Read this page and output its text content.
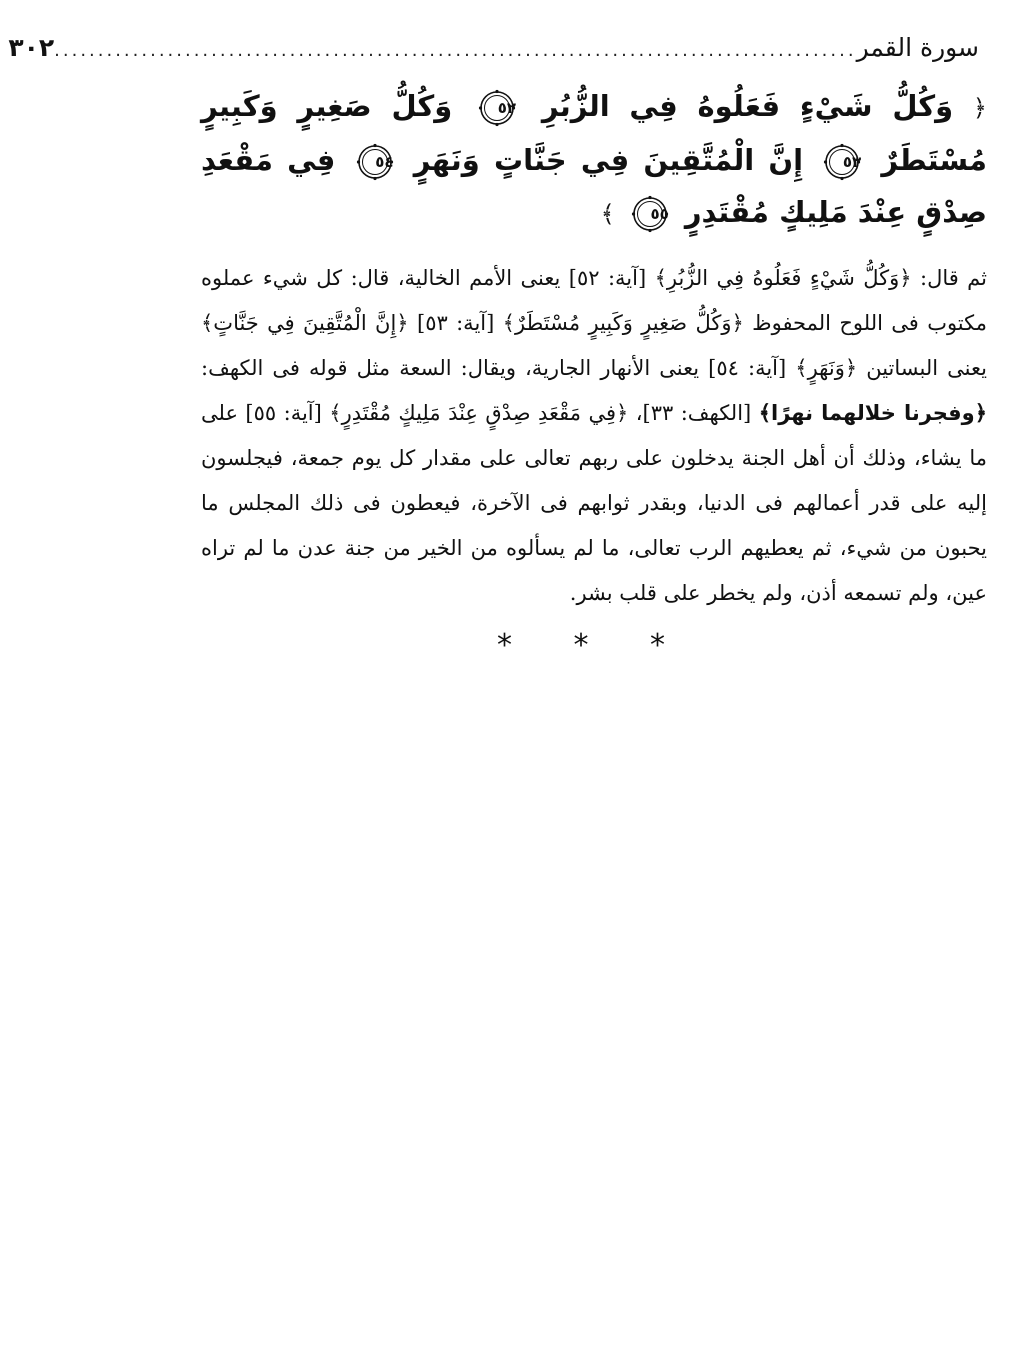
سورة القمر
............................................................................................
٣٠٢
﴿ وَكُلُّ شَيْءٍ فَعَلُوهُ فِي الزُّبُرِ
٥٢
وَكُلُّ صَغِيرٍ وَكَبِيرٍ مُسْتَطَرٌ
٥٣
إِنَّ الْمُتَّقِينَ فِي جَنَّاتٍ وَنَهَرٍ
٥٤
فِي مَقْعَدِ صِدْقٍ عِنْدَ مَلِيكٍ مُقْتَدِرٍ
٥٥
﴾

ثم قال: ﴿وَكُلُّ شَيْءٍ فَعَلُوهُ فِي الزُّبُرِ﴾ [آية: ٥٢] يعنى الأمم الخالية، قال: كل شيء عملوه مكتوب فى اللوح المحفوظ ﴿وَكُلُّ صَغِيرٍ وَكَبِيرٍ مُسْتَطَرٌ﴾ [آية: ٥٣] ﴿إِنَّ الْمُتَّقِينَ فِي جَنَّاتٍ﴾ يعنى البساتين ﴿وَنَهَرٍ﴾ [آية: ٥٤] يعنى الأنهار الجارية، ويقال: السعة مثل قوله فى الكهف: ﴿وفجرنا خلالهما نهرًا﴾ [الكهف: ٣٣]، ﴿فِي مَقْعَدِ صِدْقٍ عِنْدَ مَلِيكٍ مُقْتَدِرٍ﴾ [آية: ٥٥] على ما يشاء، وذلك أن أهل الجنة يدخلون على ربهم تعالى على مقدار كل يوم جمعة، فيجلسون إليه على قدر أعمالهم فى الدنيا، وبقدر ثوابهم فى الآخرة، فيعطون فى ذلك المجلس ما يحبون من شيء، ثم يعطيهم الرب تعالى، ما لم يسألوه من الخير من جنة عدن ما لم تراه عين، ولم تسمعه أذن، ولم يخطر على قلب بشر.

* * *
